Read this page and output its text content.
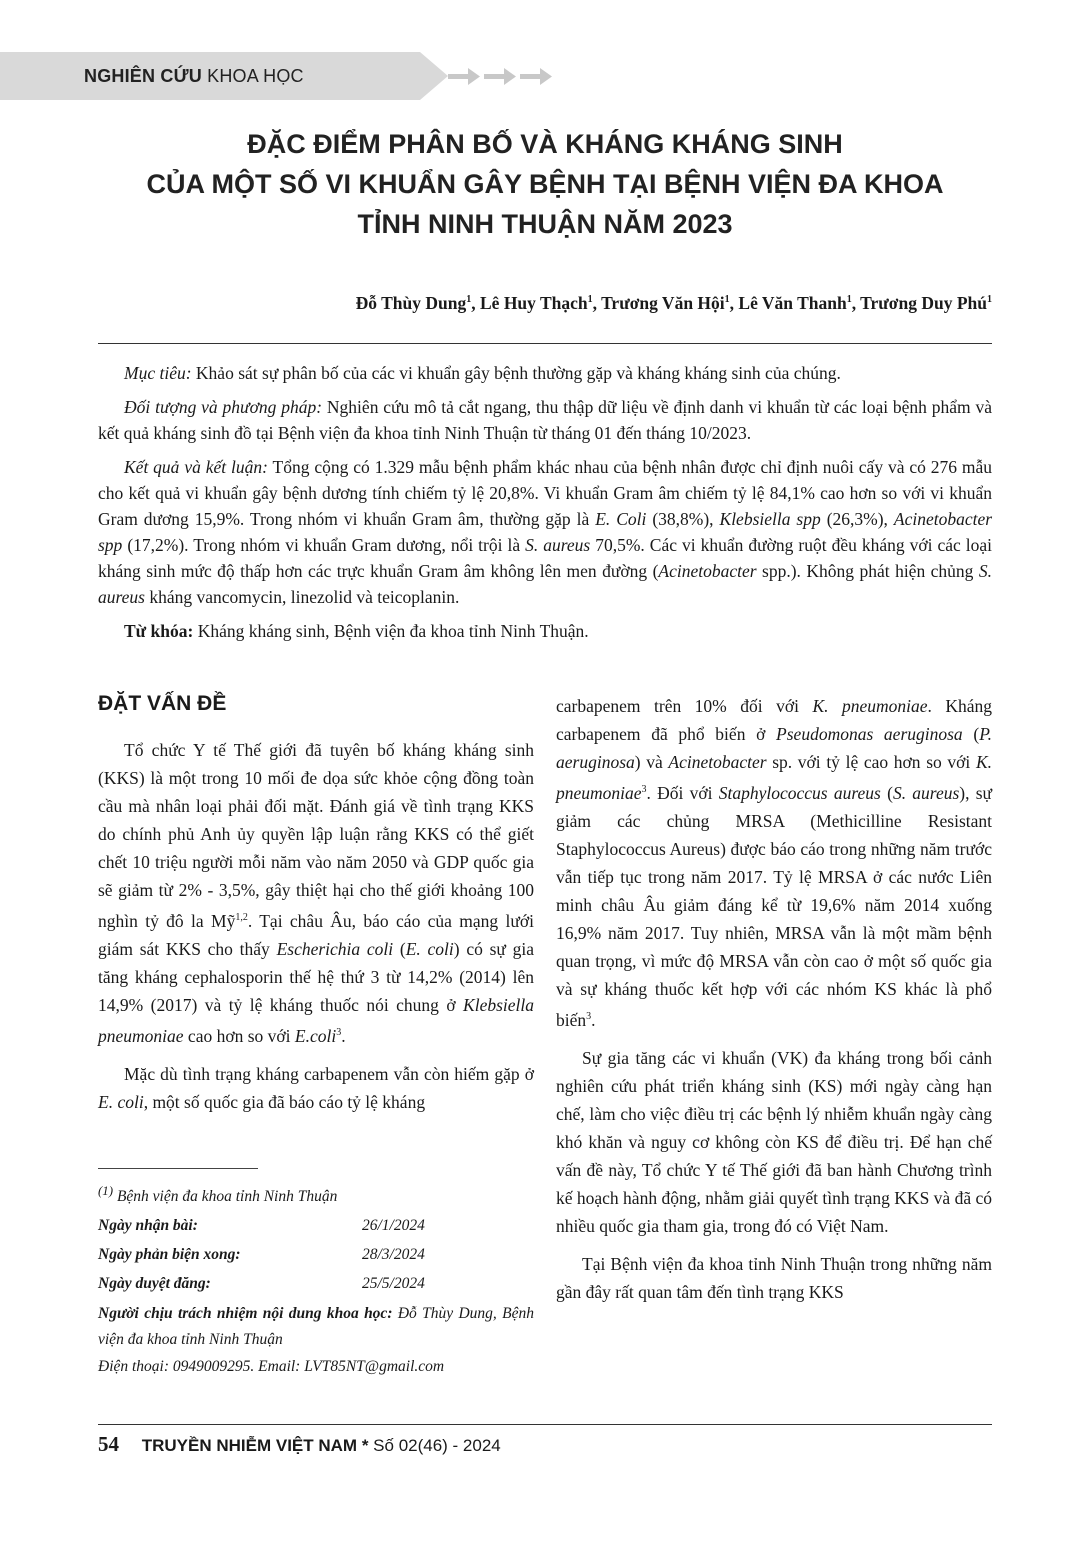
NGHIÊN CỨU KHOA HỌC
ĐẶC ĐIỂM PHÂN BỐ VÀ KHÁNG KHÁNG SINH
CỦA MỘT SỐ VI KHUẨN GÂY BỆNH TẠI BỆNH VIỆN ĐA KHOA
TỈNH NINH THUẬN NĂM 2023
Đỗ Thùy Dung$^1$, Lê Huy Thạch$^1$, Trương Văn Hội$^1$, Lê Văn Thanh$^1$, Trương Duy Phú$^1$

Mục tiêu: Khảo sát sự phân bố của các vi khuẩn gây bệnh thường gặp và kháng kháng sinh của chúng.

Đối tượng và phương pháp: Nghiên cứu mô tả cắt ngang, thu thập dữ liệu về định danh vi khuẩn từ các loại bệnh phẩm và kết quả kháng sinh đồ tại Bệnh viện đa khoa tỉnh Ninh Thuận từ tháng 01 đến tháng 10/2023.

Kết quả và kết luận: Tổng cộng có 1.329 mẫu bệnh phẩm khác nhau của bệnh nhân được chỉ định nuôi cấy và có 276 mẫu cho kết quả vi khuẩn gây bệnh dương tính chiếm tỷ lệ 20,8%. Vi khuẩn Gram âm chiếm tỷ lệ 84,1% cao hơn so với vi khuẩn Gram dương 15,9%. Trong nhóm vi khuẩn Gram âm, thường gặp là E. Coli (38,8%), Klebsiella spp (26,3%), Acinetobacter spp (17,2%). Trong nhóm vi khuẩn Gram dương, nổi trội là S. aureus 70,5%. Các vi khuẩn đường ruột đều kháng với các loại kháng sinh mức độ thấp hơn các trực khuẩn Gram âm không lên men đường (Acinetobacter spp.). Không phát hiện chủng S. aureus kháng vancomycin, linezolid và teicoplanin.

Từ khóa: Kháng kháng sinh, Bệnh viện đa khoa tỉnh Ninh Thuận.

ĐẶT VẤN ĐỀ

Tổ chức Y tế Thế giới đã tuyên bố kháng kháng sinh (KKS) là một trong 10 mối đe dọa sức khỏe cộng đồng toàn cầu mà nhân loại phải đối mặt. Đánh giá về tình trạng KKS do chính phủ Anh ủy quyền lập luận rằng KKS có thể giết chết 10 triệu người mỗi năm vào năm 2050 và GDP quốc gia sẽ giảm từ 2% - 3,5%, gây thiệt hại cho thế giới khoảng 100 nghìn tỷ đô la Mỹ$^{1,2}$. Tại châu Âu, báo cáo của mạng lưới giám sát KKS cho thấy Escherichia coli (E. coli) có sự gia tăng kháng cephalosporin thế hệ thứ 3 từ 14,2% (2014) lên 14,9% (2017) và tỷ lệ kháng thuốc nói chung ở Klebsiella pneumoniae cao hơn so với E.coli$^3$.

Mặc dù tình trạng kháng carbapenem vẫn còn hiếm gặp ở E. coli, một số quốc gia đã báo cáo tỷ lệ kháng

$^{(1)}$ Bệnh viện đa khoa tỉnh Ninh Thuận
Ngày nhận bài:	26/1/2024
Ngày phản biện xong:	28/3/2024
Ngày duyệt đăng:	25/5/2024
Người chịu trách nhiệm nội dung khoa học: Đỗ Thùy Dung, Bệnh viện đa khoa tỉnh Ninh Thuận
Điện thoại: 0949009295. Email: LVT85NT@gmail.com

carbapenem trên 10% đối với K. pneumoniae. Kháng carbapenem đã phổ biến ở Pseudomonas aeruginosa (P. aeruginosa) và Acinetobacter sp. với tỷ lệ cao hơn so với K. pneumoniae$^3$. Đối với Staphylococcus aureus (S. aureus), sự giảm các chủng MRSA (Methicilline Resistant Staphylococcus Aureus) được báo cáo trong những năm trước vẫn tiếp tục trong năm 2017. Tỷ lệ MRSA ở các nước Liên minh châu Âu giảm đáng kể từ 19,6% năm 2014 xuống 16,9% năm 2017. Tuy nhiên, MRSA vẫn là một mầm bệnh quan trọng, vì mức độ MRSA vẫn còn cao ở một số quốc gia và sự kháng thuốc kết hợp với các nhóm KS khác là phổ biến$^3$.

Sự gia tăng các vi khuẩn (VK) đa kháng trong bối cảnh nghiên cứu phát triển kháng sinh (KS) mới ngày càng hạn chế, làm cho việc điều trị các bệnh lý nhiễm khuẩn ngày càng khó khăn và nguy cơ không còn KS để điều trị. Để hạn chế vấn đề này, Tổ chức Y tế Thế giới đã ban hành Chương trình kế hoạch hành động, nhằm giải quyết tình trạng KKS và đã có nhiều quốc gia tham gia, trong đó có Việt Nam.

Tại Bệnh viện đa khoa tỉnh Ninh Thuận trong những năm gần đây rất quan tâm đến tình trạng KKS

54 TRUYỀN NHIỄM VIỆT NAM * Số 02(46) - 2024
